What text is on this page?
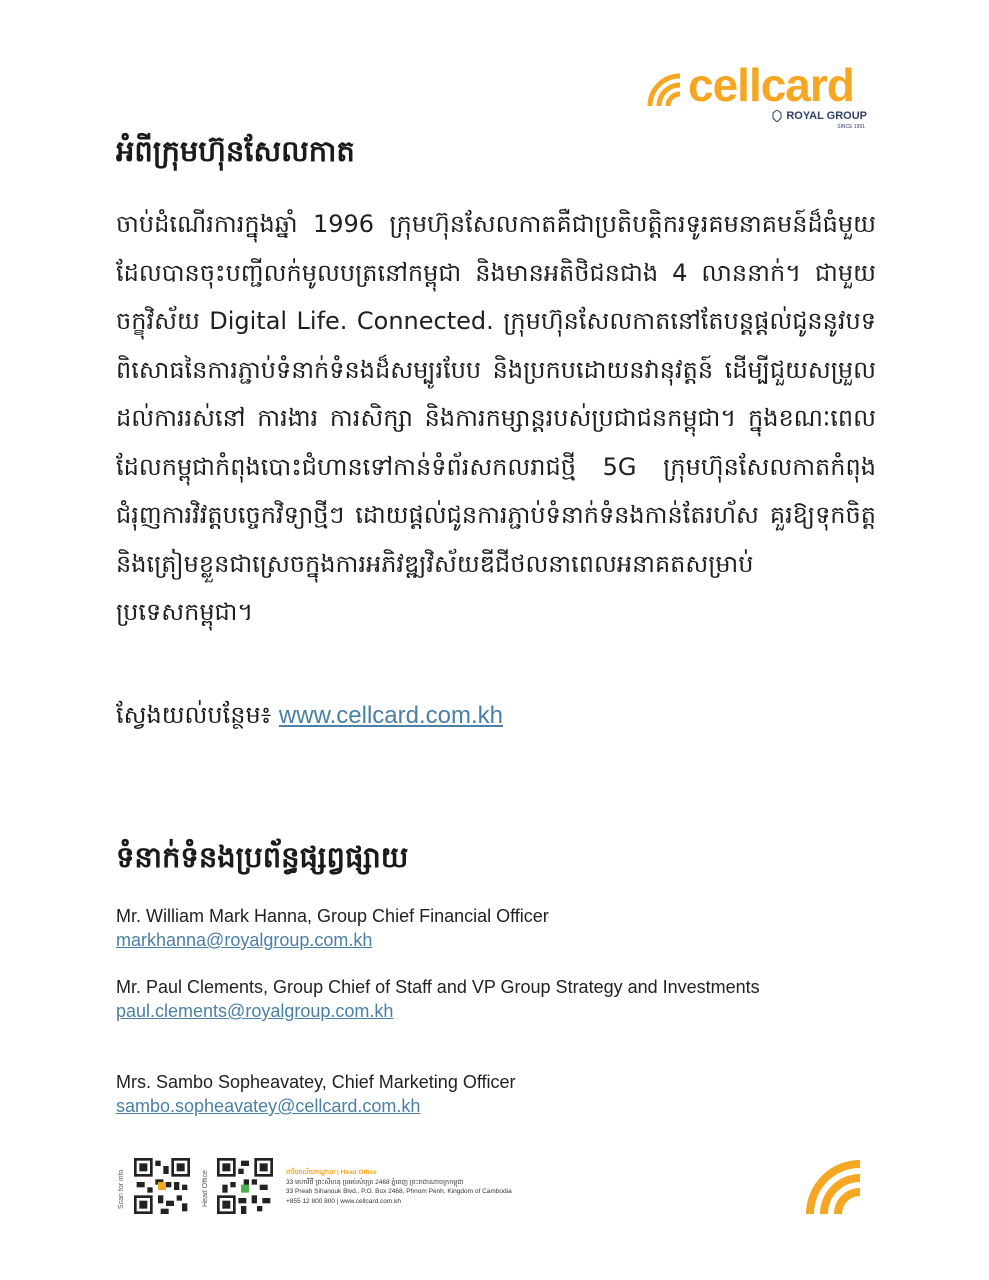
cellcard
ROYAL GROUP
SINCE 1991
អំពីក្រុមហ៊ុនសែលកាត
ចាប់ដំណើរការក្នុងឆ្នាំ 1996 ក្រុមហ៊ុនសែលកាតគឺជាប្រតិបត្តិករទូរគមនាគមន៍ដ៏ធំមួយ ដែលបានចុះបញ្ជីលក់មូលបត្រនៅកម្ពុជា និងមានអតិថិជនជាង 4 លាននាក់។ ជាមួយចក្ខុវិស័យ Digital Life. Connected. ក្រុមហ៊ុនសែលកាតនៅតែបន្តផ្តល់ជូននូវបទពិសោធនៃការភ្ជាប់ទំនាក់ទំនងដ៏សម្បូរបែប និងប្រកបដោយនវានុវត្តន៍ ដើម្បីជួយសម្រួលដល់ការរស់នៅ ការងារ ការសិក្សា និងការកម្សាន្តរបស់ប្រជាជនកម្ពុជា។ ក្នុងខណៈពេលដែលកម្ពុជាកំពុងបោះជំហានទៅកាន់ទំព័រសកលរាជថ្មី 5G ក្រុមហ៊ុនសែលកាតកំពុងជំរុញការវិវត្តបច្ចេកវិទ្យាថ្មីៗ ដោយផ្តល់ជូនការភ្ជាប់ទំនាក់ទំនងកាន់តែរហ័ស គួរឱ្យទុកចិត្ត និងត្រៀមខ្លួនជាស្រេចក្នុងការអភិវឌ្ឍវិស័យឌីជីថលនាពេលអនាគតសម្រាប់ប្រទេសកម្ពុជា។
ស្វែងយល់បន្ថែម៖ www.cellcard.com.kh
ទំនាក់ទំនងប្រព័ន្ធផ្សព្វផ្សាយ
Mr. William Mark Hanna, Group Chief Financial Officer
markhanna@royalgroup.com.kh
Mr. Paul Clements, Group Chief of Staff and VP Group Strategy and Investments
paul.clements@royalgroup.com.kh
Mrs. Sambo Sopheavatey, Chief Marketing Officer
sambo.sopheavatey@cellcard.com.kh
Scan for info	Head Office	ការិយាល័យកណ្តាល | Head Office
33 មហាវិថី ព្រះសីហនុ ប្រអប់សំបុត្រ 2468 ភ្នំពេញ ព្រះរាជាណាចក្រកម្ពុជា
33 Preah Sihanouk Blvd., P.O. Box 2468, Phnom Penh, Kingdom of Cambodia
+855 12 800 800 | www.cellcard.com.kh
